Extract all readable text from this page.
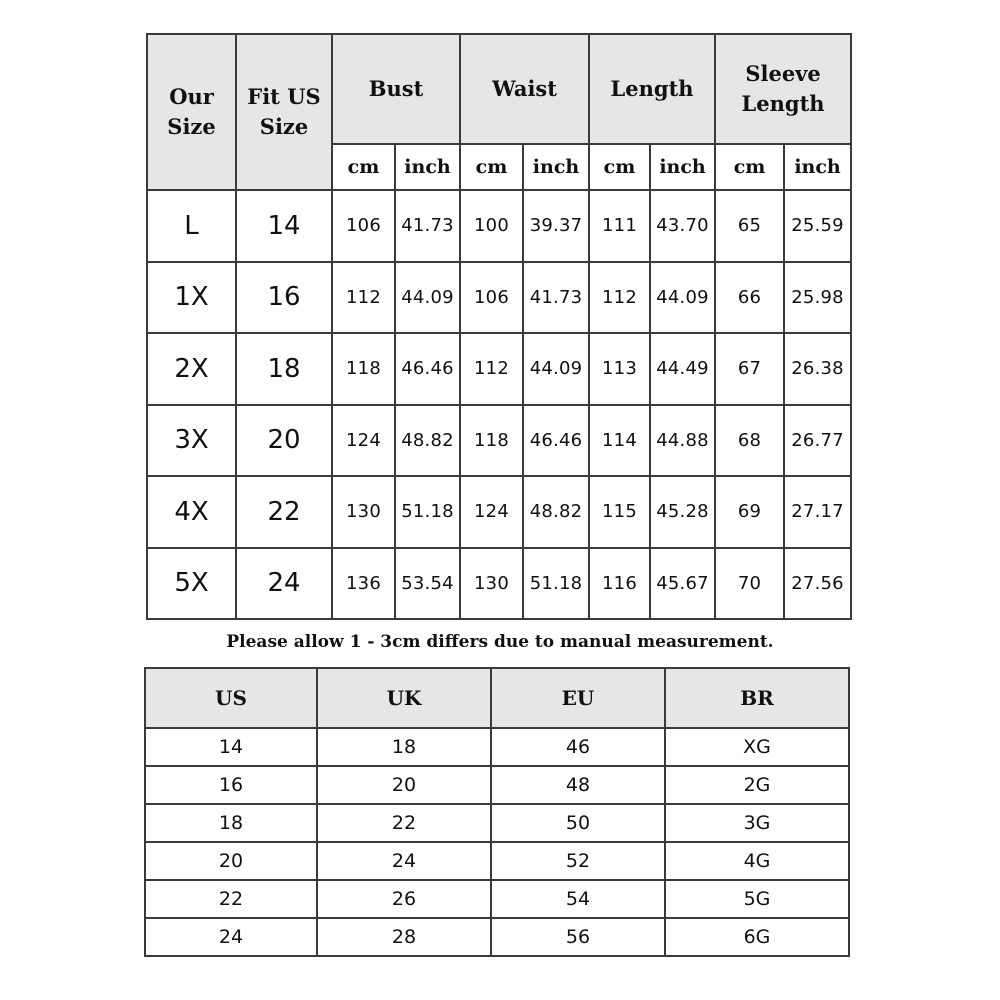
Our Size	Fit US Size	Bust		Waist		Length		Sleeve Length	
		cm	inch	cm	inch	cm	inch	cm	inch
L	14	106	41.73	100	39.37	111	43.70	65	25.59
1X	16	112	44.09	106	41.73	112	44.09	66	25.98
2X	18	118	46.46	112	44.09	113	44.49	67	26.38
3X	20	124	48.82	118	46.46	114	44.88	68	26.77
4X	22	130	51.18	124	48.82	115	45.28	69	27.17
5X	24	136	53.54	130	51.18	116	45.67	70	27.56
Please allow 1 - 3cm differs due to manual measurement.
US	UK	EU	BR
14	18	46	XG
16	20	48	2G
18	22	50	3G
20	24	52	4G
22	26	54	5G
24	28	56	6G
